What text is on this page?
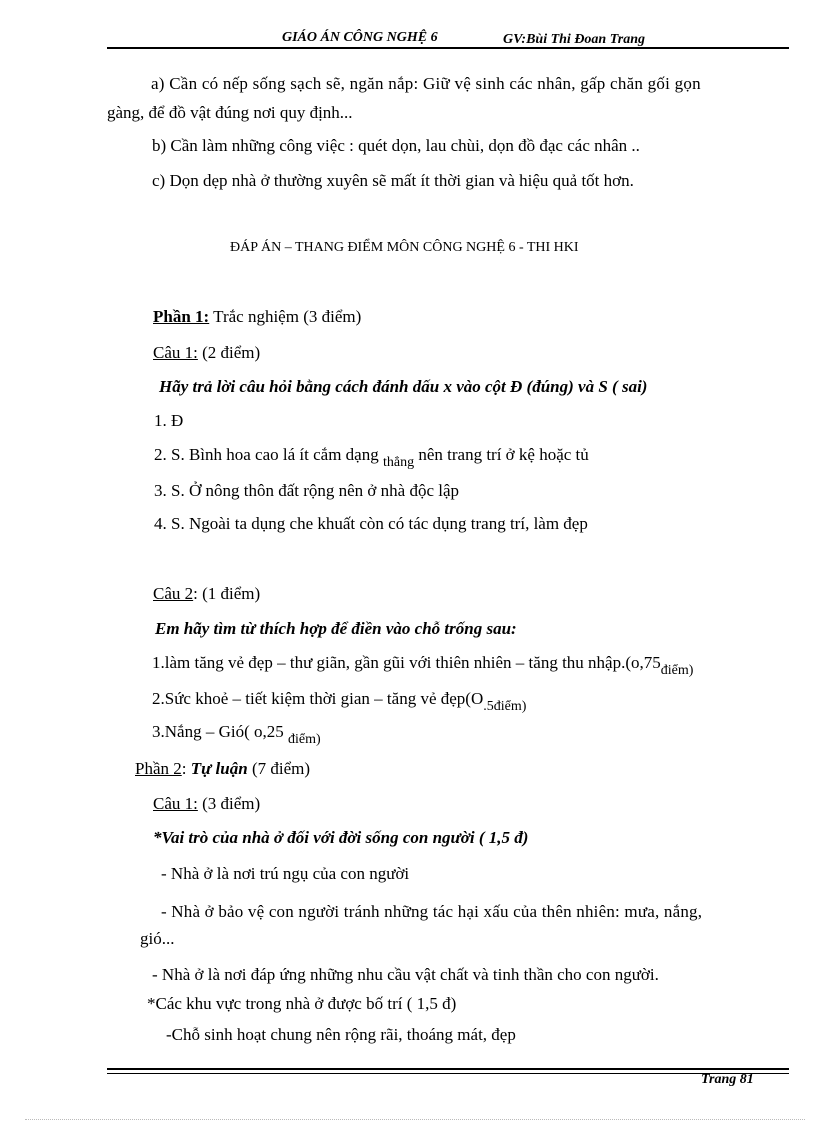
GIÁO ÁN CÔNG NGHỆ 6	GV:Bùi Thi Đoan Trang
a) Cần có nếp sống sạch sẽ, ngăn nắp: Giữ vệ sinh các nhân, gấp chăn gối gọn
gàng, để đồ vật đúng nơi quy định...
b) Cần làm những công việc : quét dọn, lau chùi, dọn đồ đạc các nhân ..
c) Dọn dẹp nhà ở thường xuyên sẽ mất ít thời gian và hiệu quả tốt hơn.
ĐÁP ÁN – THANG ĐIỂM MÔN CÔNG NGHỆ 6 - THI HKI
Phần 1: Trắc nghiệm (3 điểm)
Câu 1: (2 điểm)
Hãy trả lời câu hỏi bằng cách đánh dấu x vào cột Đ (đúng) và S ( sai)
1. Đ
2. S. Bình hoa cao lá ít cắm dạng $_{thẳng}$ nên trang trí ở kệ hoặc tủ
3. S. Ở nông thôn đất rộng nên ở nhà độc lập
4. S. Ngoài ta dụng che khuất còn có tác dụng trang trí, làm đẹp
Câu 2: (1 điểm)
Em hãy tìm từ thích hợp để điền vào chỗ trống sau:
1.làm tăng vẻ đẹp – thư giãn, gần gũi với thiên nhiên – tăng thu $nhập.(o,75_{điểm)}$
2.Sức khoẻ – tiết kiệm thời gian – tăng vẻ $đẹp(O_{.5điểm)}$
3.Nắng – Gió( o,25 $_{điểm)}$
Phần 2: Tự luận (7 điểm)
Câu 1: (3 điểm)
*Vai trò của nhà ở đối với đời sống con người ( 1,5 đ)
- Nhà ở là nơi trú ngụ của con người
- Nhà ở bảo vệ con người tránh những tác hại xấu của thên nhiên: mưa, nắng,
gió...
- Nhà ở là nơi đáp ứng những nhu cầu vật chất và tinh thần cho con người.
*Các khu vực trong nhà ở được bố trí ( 1,5 đ)
-Chỗ sinh hoạt chung nên rộng rãi, thoáng mát, đẹp
Trang 81
